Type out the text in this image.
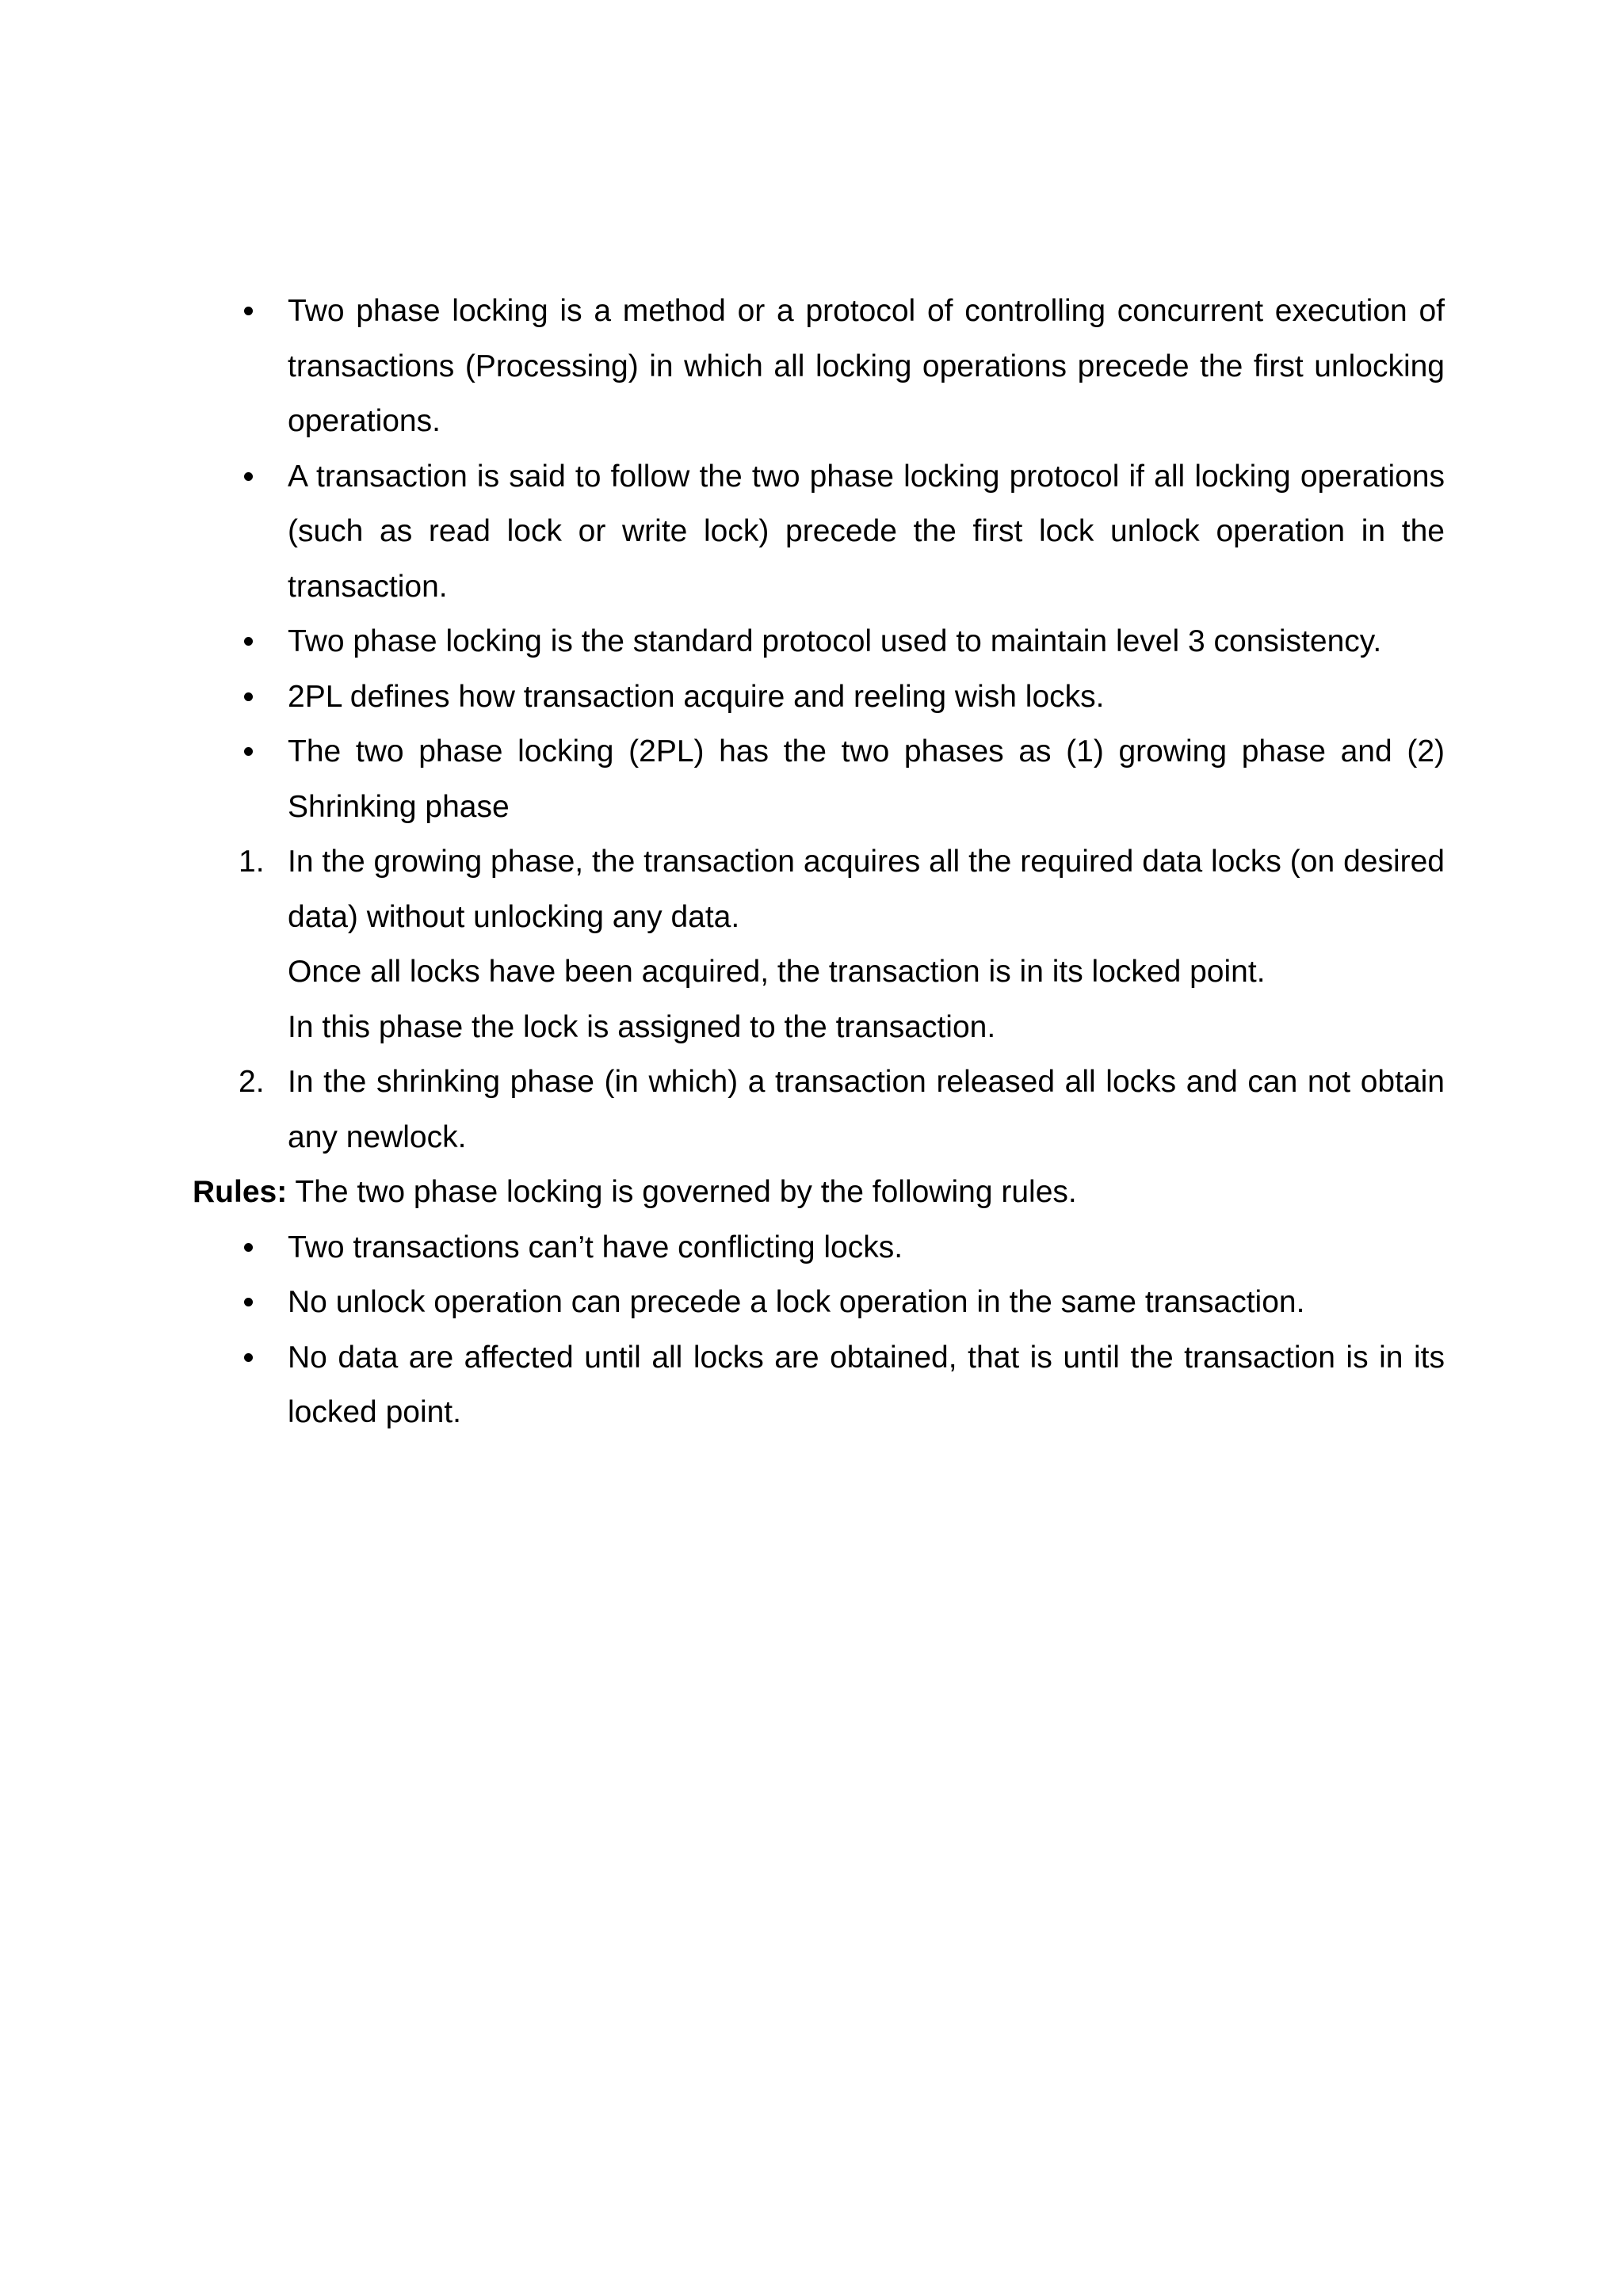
Two phase locking is a method or a protocol of controlling concurrent execution of transactions (Processing) in which all locking operations precede the first unlocking operations.
A transaction is said to follow the two phase locking protocol if all locking operations (such as read lock or write lock) precede the first lock unlock operation in the transaction.
Two phase locking is the standard protocol used to maintain level 3 consistency.
2PL defines how transaction acquire and reeling wish locks.
The two phase locking (2PL) has the two phases as (1) growing phase and (2) Shrinking phase
1. In the growing phase, the transaction acquires all the required data locks (on desired data) without unlocking any data.
Once all locks have been acquired, the transaction is in its locked point.
In this phase the lock is assigned to the transaction.
2. In the shrinking phase (in which) a transaction released all locks and can not obtain any newlock.
Rules: The two phase locking is governed by the following rules.
Two transactions can’t have conflicting locks.
No unlock operation can precede a lock operation in the same transaction.
No data are affected until all locks are obtained, that is until the transaction is in its locked point.
